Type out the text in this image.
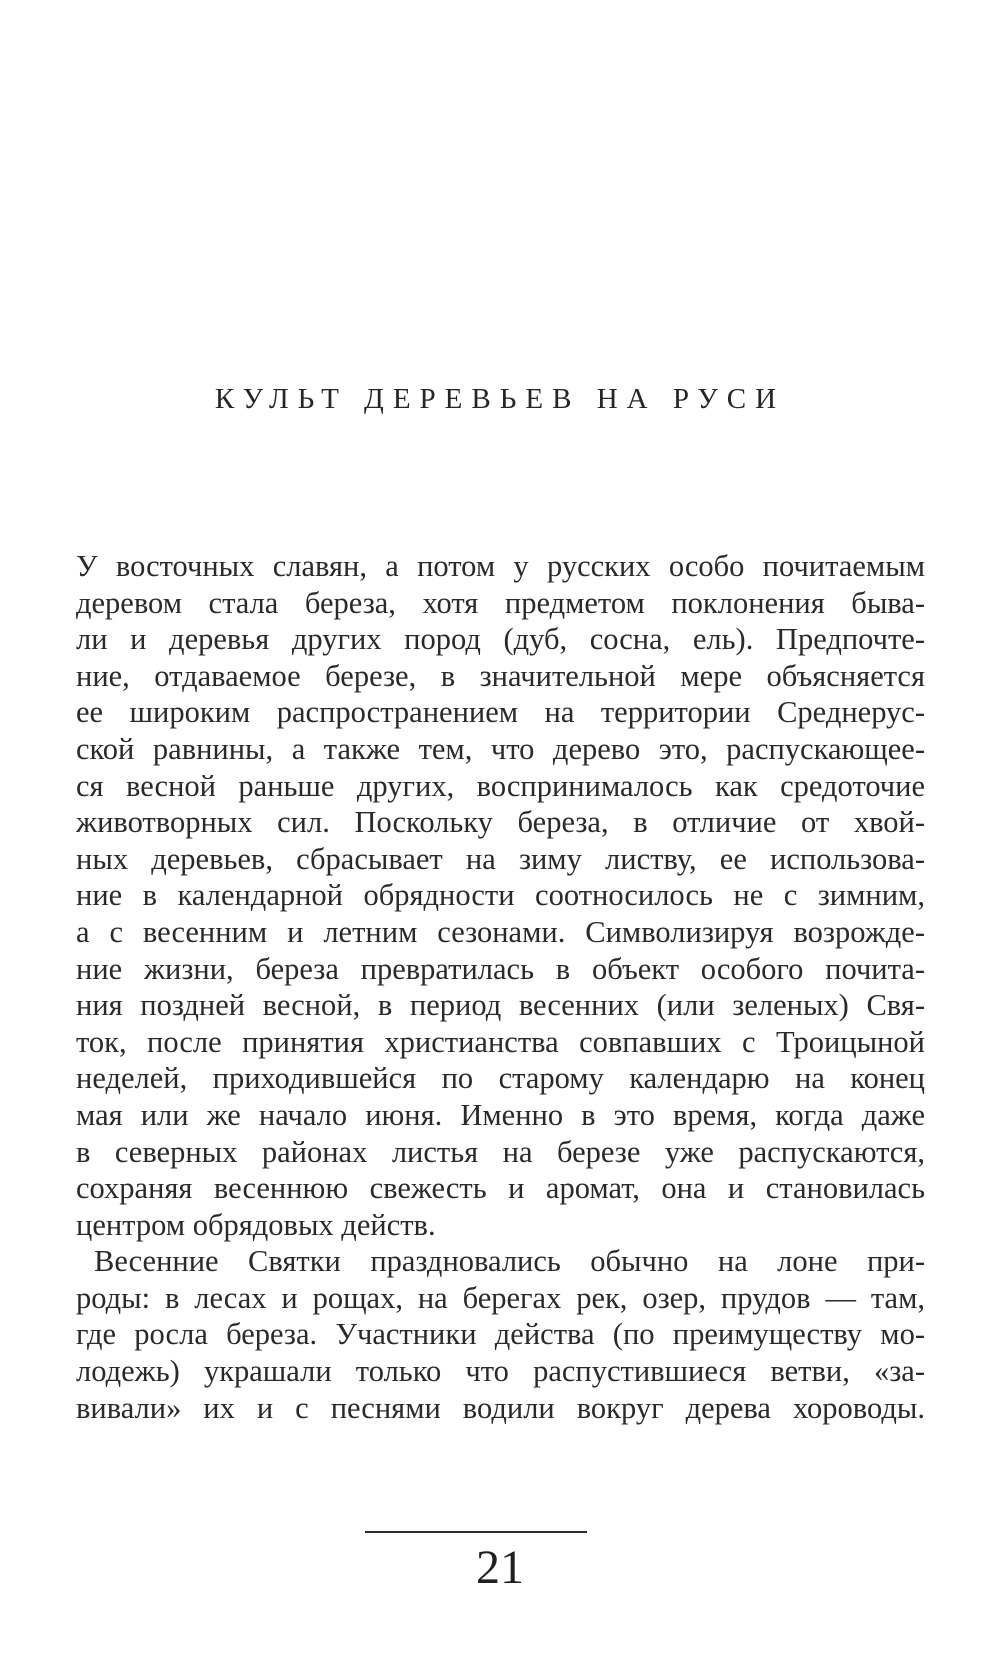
КУЛЬТ ДЕРЕВЬЕВ НА РУСИ
У восточных славян, а потом у русских особо почитаемым
деревом стала береза, хотя предметом поклонения быва-
ли и деревья других пород (дуб, сосна, ель). Предпочте-
ние, отдаваемое березе, в значительной мере объясняется
ее широким распространением на территории Среднерус-
ской равнины, а также тем, что дерево это, распускающее-
ся весной раньше других, воспринималось как средоточие
животворных сил. Поскольку береза, в отличие от хвой-
ных деревьев, сбрасывает на зиму листву, ее использова-
ние в календарной обрядности соотносилось не с зимним,
а с весенним и летним сезонами. Символизируя возрожде-
ние жизни, береза превратилась в объект особого почита-
ния поздней весной, в период весенних (или зеленых) Свя-
ток, после принятия христианства совпавших с Троицыной
неделей, приходившейся по старому календарю на конец
мая или же начало июня. Именно в это время, когда даже
в северных районах листья на березе уже распускаются,
сохраняя весеннюю свежесть и аромат, она и становилась
центром обрядовых действ.
Весенние Святки праздновались обычно на лоне при-
роды: в лесах и рощах, на берегах рек, озер, прудов — там,
где росла береза. Участники действа (по преимуществу мо-
лодежь) украшали только что распустившиеся ветви, «за-
вивали» их и с песнями водили вокруг дерева хороводы.
21
